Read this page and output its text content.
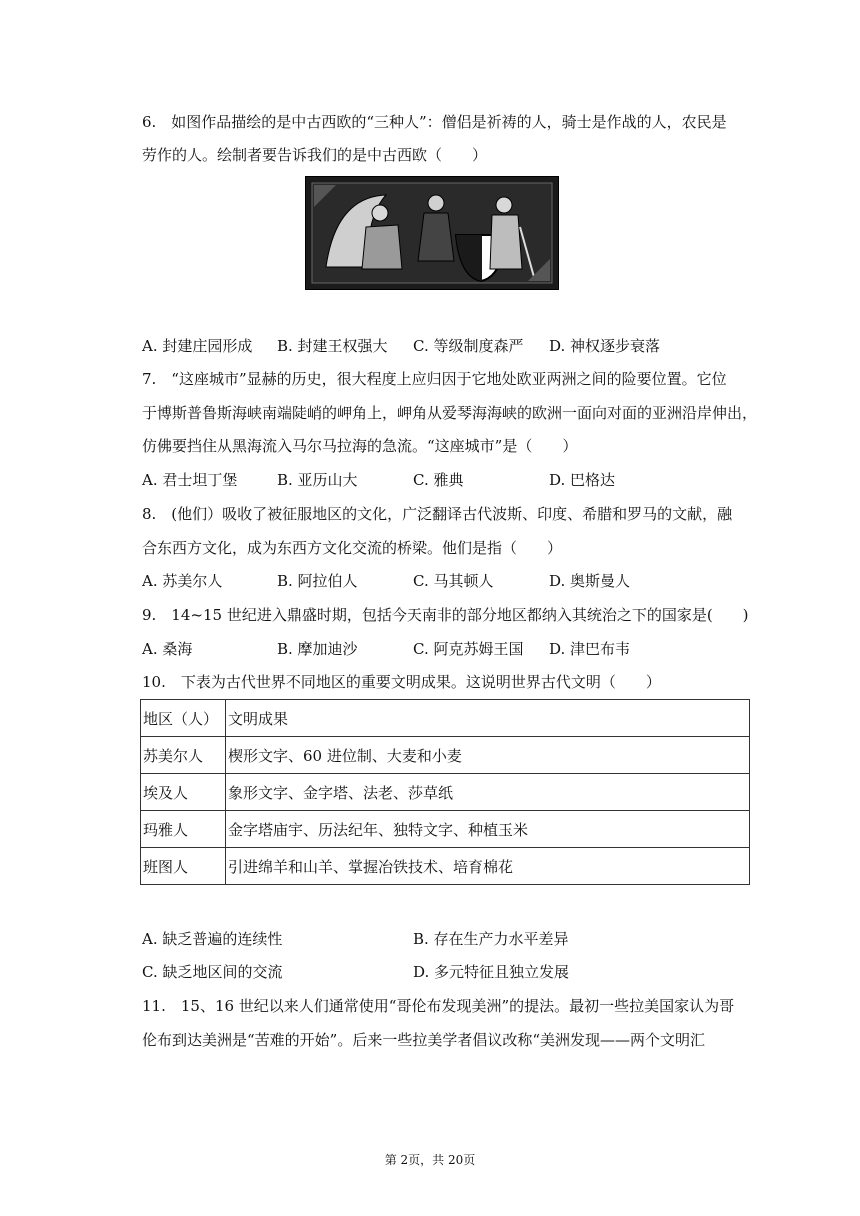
6.　如图作品描绘的是中古西欧的“三种人”：僧侣是祈祷的人，骑士是作战的人，农民是
劳作的人。绘制者要告诉我们的是中古西欧（　　）
A. 封建庄园形成 B. 封建王权强大 C. 等级制度森严 D. 神权逐步衰落
7.　“这座城市”显赫的历史，很大程度上应归因于它地处欧亚两洲之间的险要位置。它位
于博斯普鲁斯海峡南端陡峭的岬角上，岬角从爱琴海海峡的欧洲一面向对面的亚洲沿岸伸出，
仿佛要挡住从黑海流入马尔马拉海的急流。“这座城市”是（　　）
A. 君士坦丁堡	B. 亚历山大	C. 雅典	D. 巴格达
8.　(他们）吸收了被征服地区的文化，广泛翻译古代波斯、印度、希腊和罗马的文献，融
合东西方文化，成为东西方文化交流的桥梁。他们是指（　　）
A. 苏美尔人	B. 阿拉伯人	C. 马其顿人	D. 奥斯曼人
9.　14~15 世纪进入鼎盛时期，包括今天南非的部分地区都纳入其统治之下的国家是(　　)
A. 桑海	B. 摩加迪沙	C. 阿克苏姆王国 D. 津巴布韦
10.　下表为古代世界不同地区的重要文明成果。这说明世界古代文明（　　）
地区（人）	文明成果
苏美尔人	楔形文字、60 进位制、大麦和小麦
埃及人	象形文字、金字塔、法老、莎草纸
玛雅人	金字塔庙宇、历法纪年、独特文字、种植玉米
班图人	引进绵羊和山羊、掌握冶铁技术、培育棉花
A. 缺乏普遍的连续性	B. 存在生产力水平差异
C. 缺乏地区间的交流	D. 多元特征且独立发展
11.　15、16 世纪以来人们通常使用“哥伦布发现美洲”的提法。最初一些拉美国家认为哥
伦布到达美洲是“苦难的开始”。后来一些拉美学者倡议改称“美洲发现——两个文明汇
第 2页，共 20页
